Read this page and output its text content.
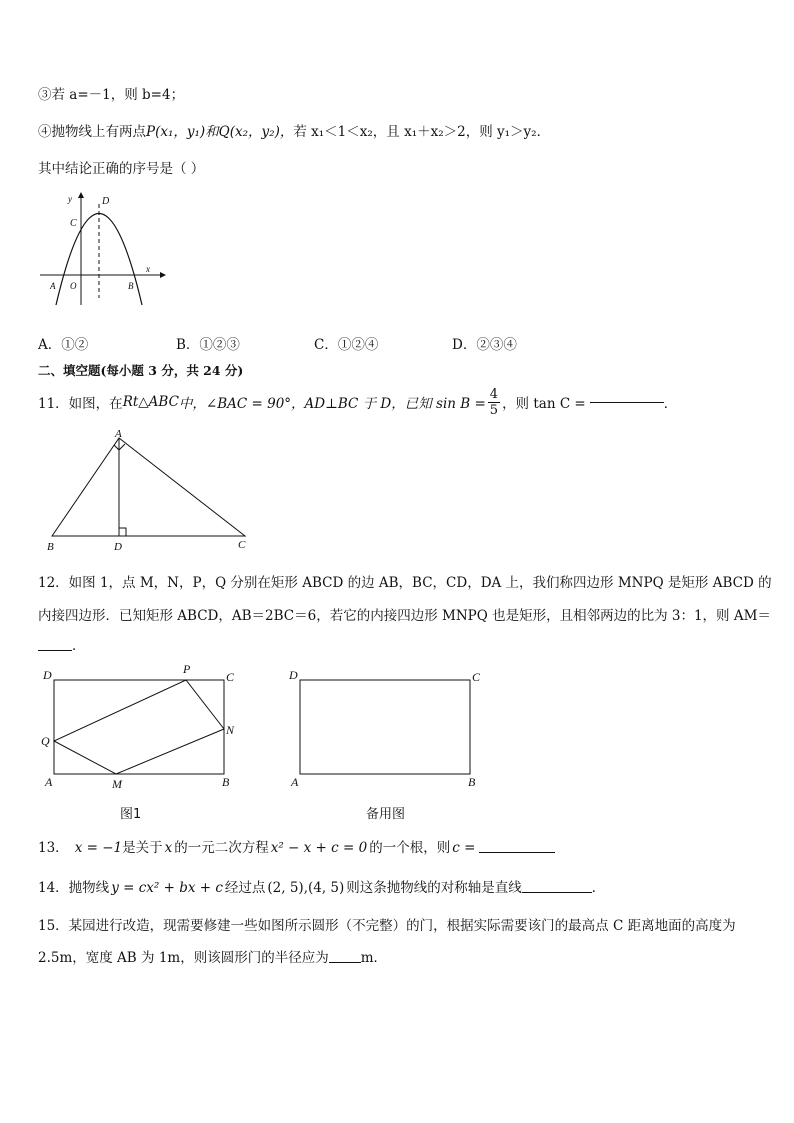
③若 a=－1，则 b=4；
④抛物线上有两点P(x₁，y₁)和Q(x₂，y₂)，若 x₁＜1＜x₂，且 x₁＋x₂＞2，则 y₁＞y₂．
其中结论正确的序号是（ ）
y
x
D
C
A O	B
A．①②	B．①②③	C．①②④	D．②③④
二、填空题(每小题 3 分，共 24 分)
11．如图，在 Rt△ABC 中，∠BAC = 90°，AD⊥BC 于 D，已知 $\sin B = \frac{4}{5}$ ，则 tan C =	．
A
B	D	C
12．如图 1，点 M，N，P，Q 分别在矩形 ABCD 的边 AB，BC，CD，DA 上，我们称四边形 MNPQ 是矩形 ABCD 的
内接四边形．已知矩形 ABCD，AB＝2BC＝6，若它的内接四边形 MNPQ 也是矩形，且相邻两边的比为 3：1，则 AM＝
．
D	P
C
Q
N
A	M	B
图1
D	C
A	B
备用图
13． x = −1 是关于 x 的一元二次方程 x² − x + c = 0 的一个根，则 c =
14．抛物线 y = cx² + bx + c 经过点 (2, 5),(4, 5) 则这条抛物线的对称轴是直线	．
15．某园进行改造，现需要修建一些如图所示圆形（不完整）的门，根据实际需要该门的最高点 C 距离地面的高度为
2.5m，宽度 AB 为 1m，则该圆形门的半径应为 m．
